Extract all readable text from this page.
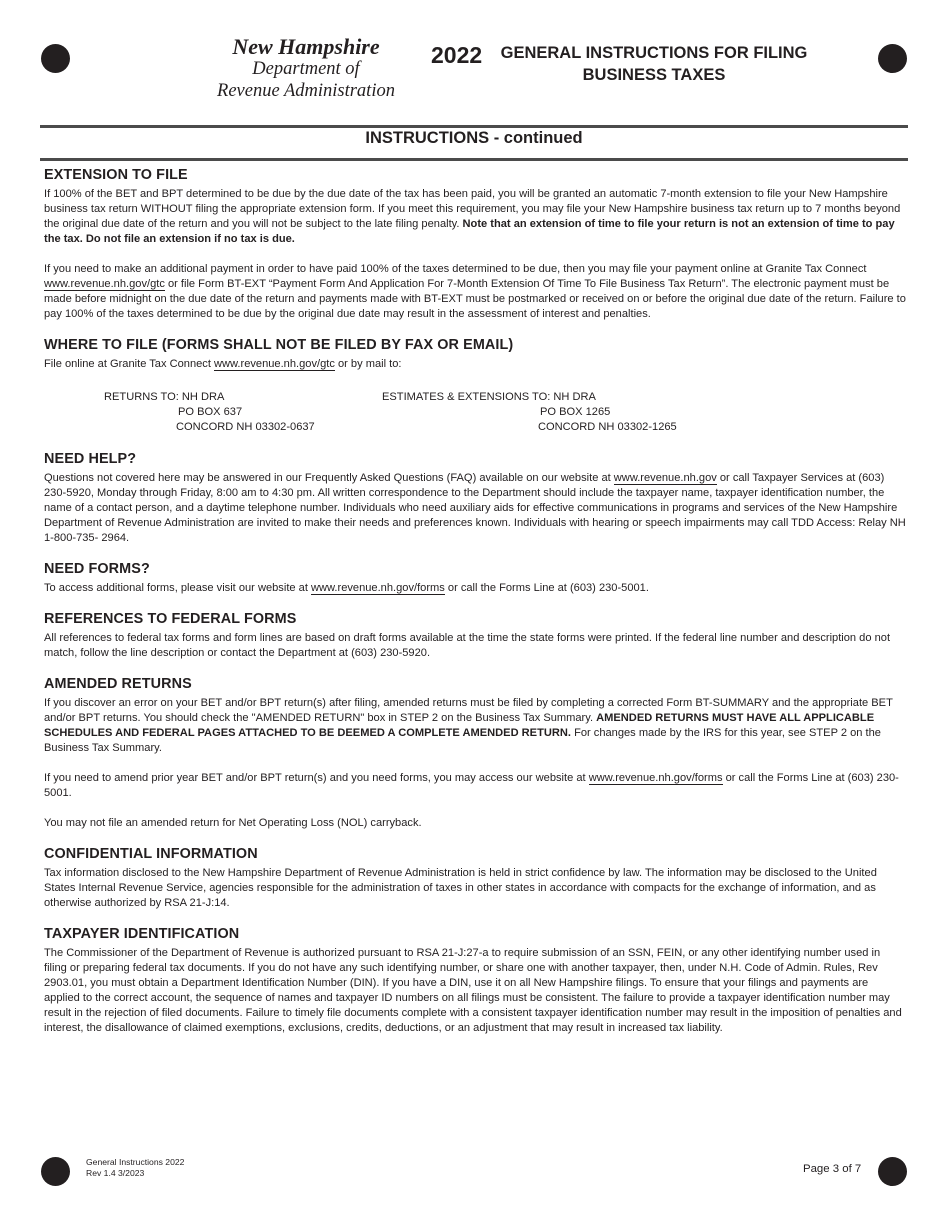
New Hampshire
Department of
Revenue Administration
2022 GENERAL INSTRUCTIONS FOR FILING
BUSINESS TAXES
INSTRUCTIONS - continued
EXTENSION TO FILE

If 100% of the BET and BPT determined to be due by the due date of the tax has been paid, you will be granted an automatic 7-month extension to file your New Hampshire business tax return WITHOUT filing the appropriate extension form. If you meet this requirement, you may file your New Hampshire business tax return up to 7 months beyond the original due date of the return and you will not be subject to the late filing penalty. Note that an extension of time to file your return is not an extension of time to pay the tax. Do not file an extension if no tax is due.

If you need to make an additional payment in order to have paid 100% of the taxes determined to be due, then you may file your payment online at Granite Tax Connect www.revenue.nh.gov/gtc or file Form BT-EXT “Payment Form And Application For 7-Month Extension Of Time To File Business Tax Return”. The electronic payment must be made before midnight on the due date of the return and payments made with BT-EXT must be postmarked or received on or before the original due date of the return. Failure to pay 100% of the taxes determined to be due by the original due date may result in the assessment of interest and penalties.

WHERE TO FILE (FORMS SHALL NOT BE FILED BY FAX OR EMAIL)

File online at Granite Tax Connect www.revenue.nh.gov/gtc or by mail to:

RETURNS TO: NH DRA
PO BOX 637
CONCORD NH 03302-0637
ESTIMATES & EXTENSIONS TO: NH DRA
PO BOX 1265
CONCORD NH 03302-1265
NEED HELP?

Questions not covered here may be answered in our Frequently Asked Questions (FAQ) available on our website at www.revenue.nh.gov or call Taxpayer Services at (603) 230-5920, Monday through Friday, 8:00 am to 4:30 pm. All written correspondence to the Department should include the taxpayer name, taxpayer identification number, the name of a contact person, and a daytime telephone number. Individuals who need auxiliary aids for effective communications in programs and services of the New Hampshire Department of Revenue Administration are invited to make their needs and preferences known. Individuals with hearing or speech impairments may call TDD Access: Relay NH 1-800-735- 2964.

NEED FORMS?

To access additional forms, please visit our website at www.revenue.nh.gov/forms or call the Forms Line at (603) 230-5001.

REFERENCES TO FEDERAL FORMS

All references to federal tax forms and form lines are based on draft forms available at the time the state forms were printed. If the federal line number and description do not match, follow the line description or contact the Department at (603) 230-5920.

AMENDED RETURNS

If you discover an error on your BET and/or BPT return(s) after filing, amended returns must be filed by completing a corrected Form BT-SUMMARY and the appropriate BET and/or BPT returns. You should check the "AMENDED RETURN" box in STEP 2 on the Business Tax Summary. AMENDED RETURNS MUST HAVE ALL APPLICABLE SCHEDULES AND FEDERAL PAGES ATTACHED TO BE DEEMED A COMPLETE AMENDED RETURN. For changes made by the IRS for this year, see STEP 2 on the Business Tax Summary.

If you need to amend prior year BET and/or BPT return(s) and you need forms, you may access our website at www.revenue.nh.gov/forms or call the Forms Line at (603) 230-5001.

You may not file an amended return for Net Operating Loss (NOL) carryback.

CONFIDENTIAL INFORMATION

Tax information disclosed to the New Hampshire Department of Revenue Administration is held in strict confidence by law. The information may be disclosed to the United States Internal Revenue Service, agencies responsible for the administration of taxes in other states in accordance with compacts for the exchange of information, and as otherwise authorized by RSA 21-J:14.

TAXPAYER IDENTIFICATION

The Commissioner of the Department of Revenue is authorized pursuant to RSA 21-J:27-a to require submission of an SSN, FEIN, or any other identifying number used in filing or preparing federal tax documents. If you do not have any such identifying number, or share one with another taxpayer, then, under N.H. Code of Admin. Rules, Rev 2903.01, you must obtain a Department Identification Number (DIN). If you have a DIN, use it on all New Hampshire filings. To ensure that your filings and payments are applied to the correct account, the sequence of names and taxpayer ID numbers on all filings must be consistent. The failure to provide a taxpayer identification number may result in the rejection of filed documents. Failure to timely file documents complete with a consistent taxpayer identification number may result in the imposition of penalties and interest, the disallowance of claimed exemptions, exclusions, credits, deductions, or an adjustment that may result in increased tax liability.

General Instructions 2022
Rev 1.4 3/2023	Page 3 of 7
